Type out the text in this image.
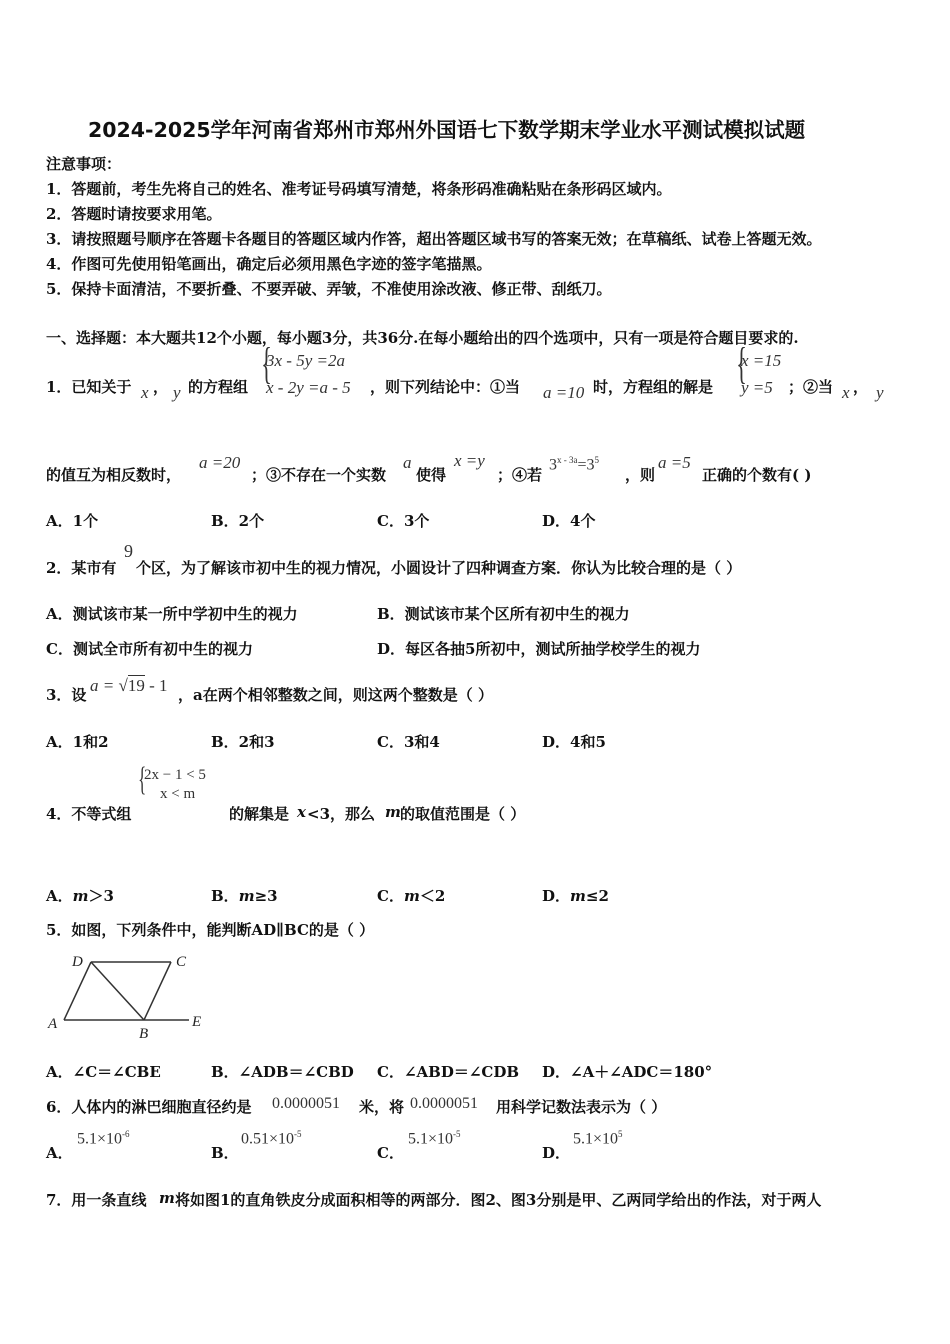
2024-2025学年河南省郑州市郑州外国语七下数学期末学业水平测试模拟试题
注意事项：
1．答题前，考生先将自己的姓名、准考证号码填写清楚，将条形码准确粘贴在条形码区域内。
2．答题时请按要求用笔。
3．请按照题号顺序在答题卡各题目的答题区域内作答，超出答题区域书写的答案无效；在草稿纸、试卷上答题无效。
4．作图可先使用铅笔画出，确定后必须用黑色字迹的签字笔描黑。
5．保持卡面清洁，不要折叠、不要弄破、弄皱，不准使用涂改液、修正带、刮纸刀。
一、选择题：本大题共12个小题，每小题3分，共36分.在每小题给出的四个选项中，只有一项是符合题目要求的.
1．已知关于 x ， y 的方程组 {
3x - 5y =2a
x - 2y =a - 5 ，则下列结论中：①当 a =10 时，方程组的解是 {
x =15
y =5 ；②当 x ， y
的值互为相反数时，
a =20
；③不存在一个实数
a
使得
x =y
；④若
$3^{x - 3a}=3^5$
，则
a =5
正确的个数有( )
A．1个	B．2个	C．3个	D．4个
2．某市有
9
个区，为了解该市初中生的视力情况，小圆设计了四种调查方案．你认为比较合理的是（ ）
A．测试该市某一所中学初中生的视力	B．测试该市某个区所有初中生的视力
C．测试全市所有初中生的视力	D．每区各抽5所初中，测试所抽学校学生的视力
3．设 a = √19 - 1 ，a在两个相邻整数之间，则这两个整数是（ ）
A．1和2	B．2和3	C．3和4	D．4和5
4．不等式组
{
2x − 1 < 5
x < m
的解集是 x <3，那么 m 的取值范围是（ ）
A．m＞3	B．m≥3	C．m＜2	D．m≤2
5．如图，下列条件中，能判断AD∥BC的是（ ）
A
B
C
D
E
A．∠C＝∠CBE	B．∠ADB＝∠CBD C．∠ABD＝∠CDB D．∠A＋∠ADC＝180°
6．人体内的淋巴细胞直径约是 0.0000051 米，将 0.0000051 用科学记数法表示为（ ）
A．
$5.1\times 10^{-6}$
B．
$0.51\times 10^{-5}$
C．
$5.1\times 10^{-5}$
D．
$5.1\times 10^5$
7．用一条直线 m 将如图1的直角铁皮分成面积相等的两部分．图2、图3分别是甲、乙两同学给出的作法，对于两人
